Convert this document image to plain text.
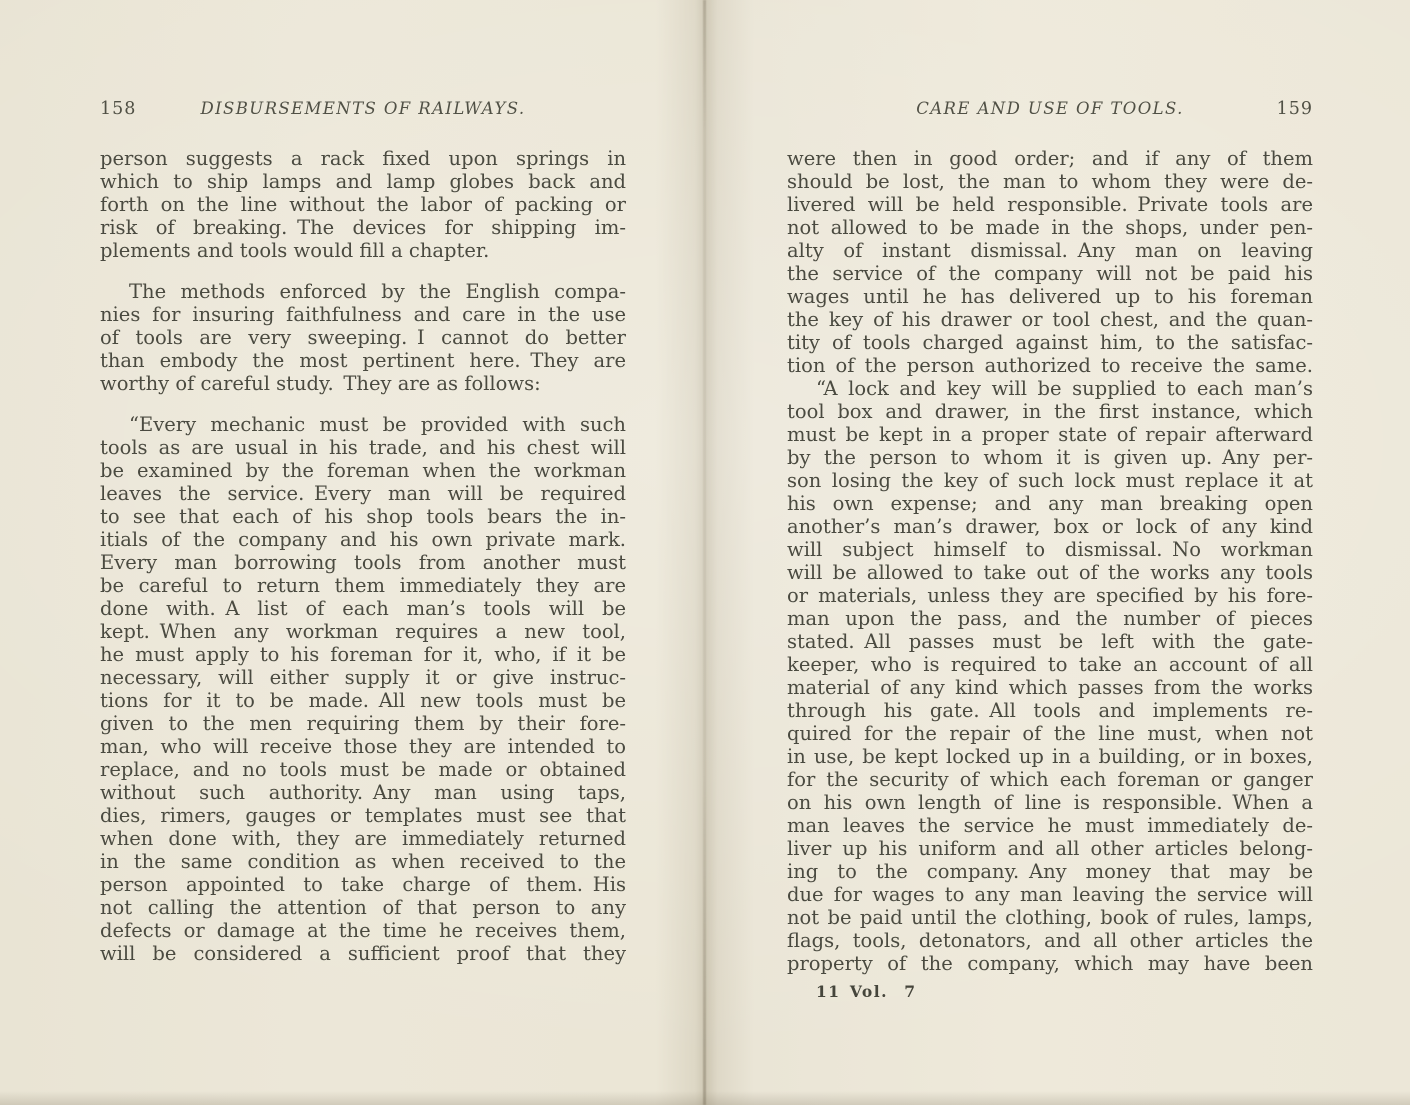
158	DISBURSEMENTS OF RAILWAYS.
person suggests a rack fixed upon springs in
which to ship lamps and lamp globes back and
forth on the line without the labor of packing or
risk of breaking. The devices for shipping im-
plements and tools would fill a chapter.
The methods enforced by the English compa-
nies for insuring faithfulness and care in the use
of tools are very sweeping. I cannot do better
than embody the most pertinent here. They are
worthy of careful study. They are as follows:
“Every mechanic must be provided with such
tools as are usual in his trade, and his chest will
be examined by the foreman when the workman
leaves the service. Every man will be required
to see that each of his shop tools bears the in-
itials of the company and his own private mark.
Every man borrowing tools from another must
be careful to return them immediately they are
done with. A list of each man’s tools will be
kept. When any workman requires a new tool,
he must apply to his foreman for it, who, if it be
necessary, will either supply it or give instruc-
tions for it to be made. All new tools must be
given to the men requiring them by their fore-
man, who will receive those they are intended to
replace, and no tools must be made or obtained
without such authority. Any man using taps,
dies, rimers, gauges or templates must see that
when done with, they are immediately returned
in the same condition as when received to the
person appointed to take charge of them. His
not calling the attention of that person to any
defects or damage at the time he receives them,
will be considered a sufficient proof that they
CARE AND USE OF TOOLS.	159
were then in good order; and if any of them
should be lost, the man to whom they were de-
livered will be held responsible. Private tools are
not allowed to be made in the shops, under pen-
alty of instant dismissal. Any man on leaving
the service of the company will not be paid his
wages until he has delivered up to his foreman
the key of his drawer or tool chest, and the quan-
tity of tools charged against him, to the satisfac-
tion of the person authorized to receive the same.
“A lock and key will be supplied to each man’s
tool box and drawer, in the first instance, which
must be kept in a proper state of repair afterward
by the person to whom it is given up. Any per-
son losing the key of such lock must replace it at
his own expense; and any man breaking open
another’s man’s drawer, box or lock of any kind
will subject himself to dismissal. No workman
will be allowed to take out of the works any tools
or materials, unless they are specified by his fore-
man upon the pass, and the number of pieces
stated. All passes must be left with the gate-
keeper, who is required to take an account of all
material of any kind which passes from the works
through his gate. All tools and implements re-
quired for the repair of the line must, when not
in use, be kept locked up in a building, or in boxes,
for the security of which each foreman or ganger
on his own length of line is responsible. When a
man leaves the service he must immediately de-
liver up his uniform and all other articles belong-
ing to the company. Any money that may be
due for wages to any man leaving the service will
not be paid until the clothing, book of rules, lamps,
flags, tools, detonators, and all other articles the
property of the company, which may have been
11 Vol.  7
